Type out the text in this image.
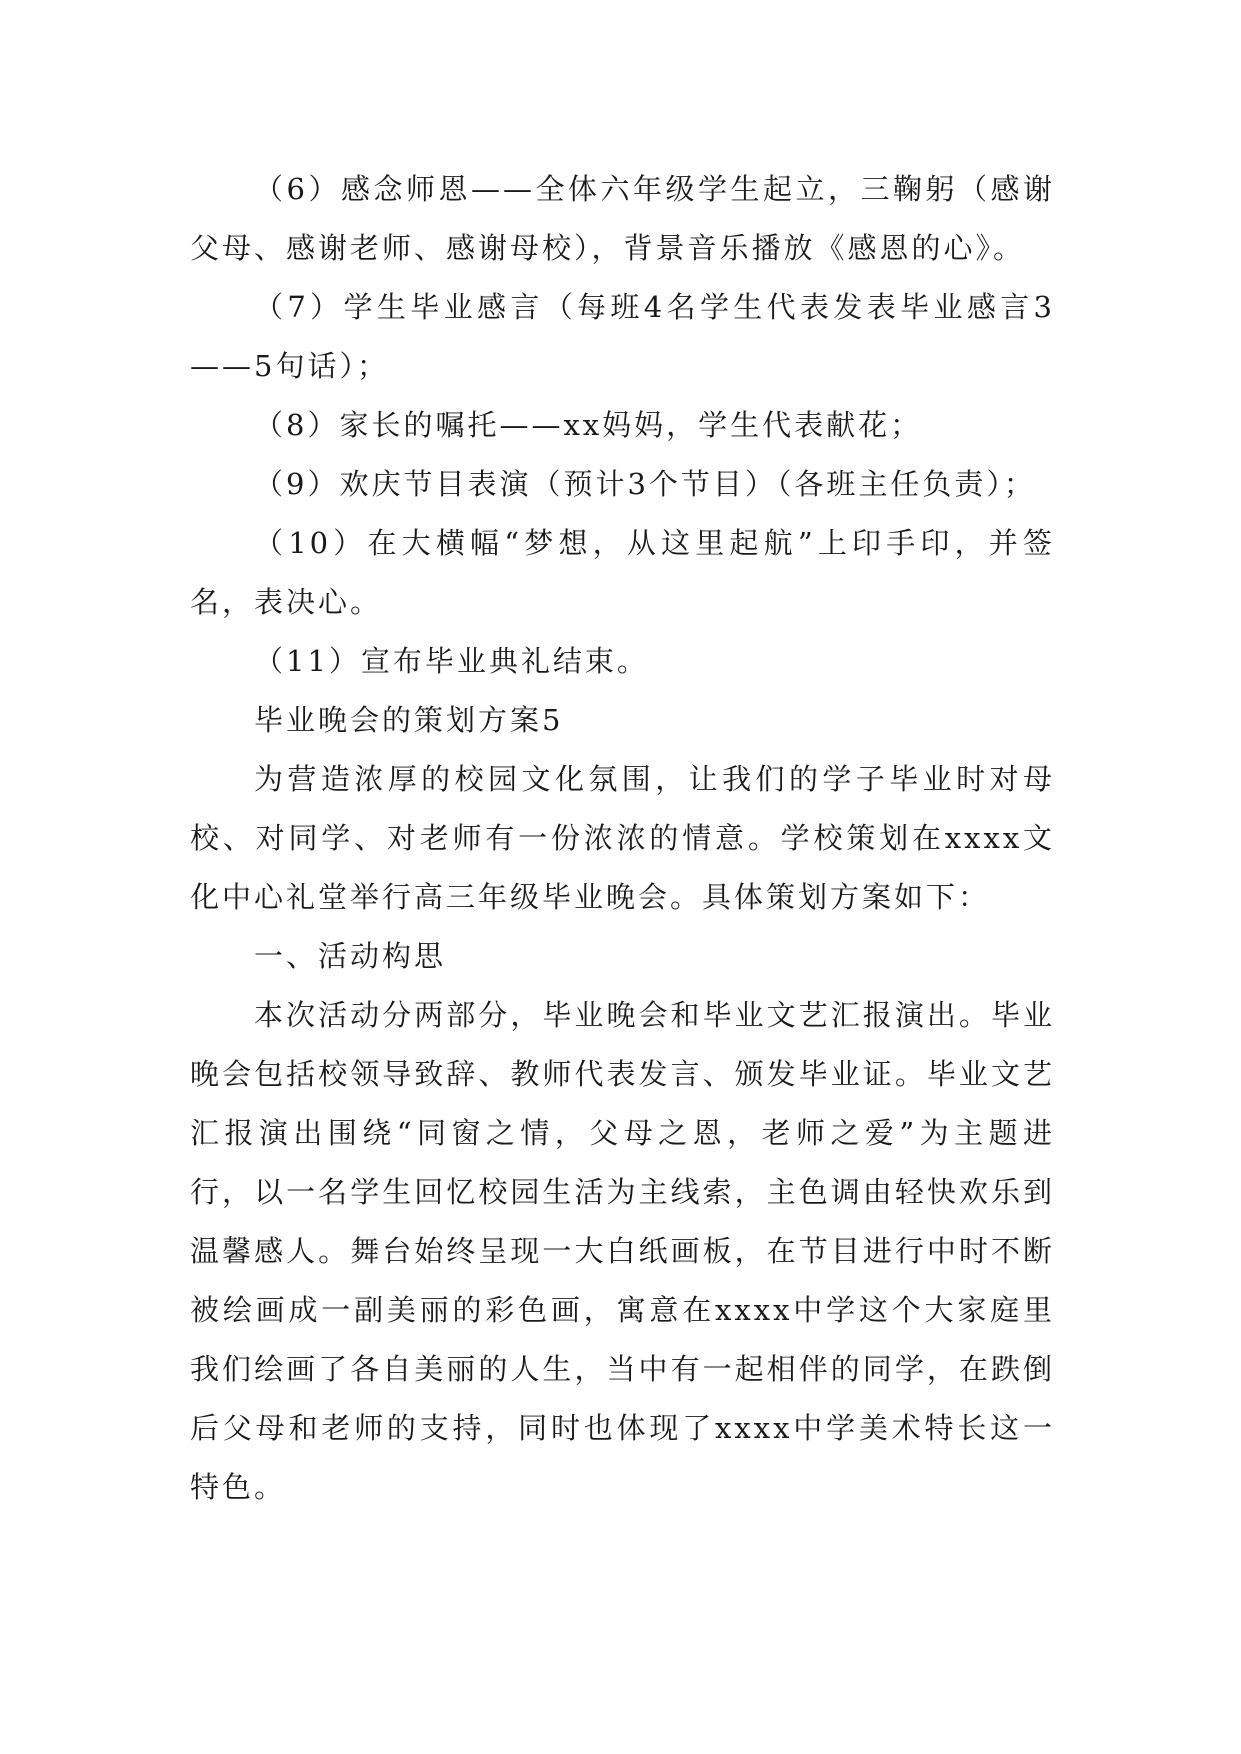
（6）感念师恩——全体六年级学生起立，三鞠躬（感谢父母、感谢老师、感谢母校），背景音乐播放《感恩的心》。

（7）学生毕业感言（每班4名学生代表发表毕业感言3——5句话）；

（8）家长的嘱托——xx妈妈，学生代表献花；

（9）欢庆节目表演（预计3个节目）（各班主任负责）；

（10）在大横幅“梦想，从这里起航”上印手印，并签名，表决心。

（11）宣布毕业典礼结束。

毕业晚会的策划方案5

为营造浓厚的校园文化氛围，让我们的学子毕业时对母校、对同学、对老师有一份浓浓的情意。学校策划在xxxx文化中心礼堂举行高三年级毕业晚会。具体策划方案如下：

一、活动构思

本次活动分两部分，毕业晚会和毕业文艺汇报演出。毕业晚会包括校领导致辞、教师代表发言、颁发毕业证。毕业文艺汇报演出围绕“同窗之情，父母之恩，老师之爱”为主题进行，以一名学生回忆校园生活为主线索，主色调由轻快欢乐到温馨感人。舞台始终呈现一大白纸画板，在节目进行中时不断被绘画成一副美丽的彩色画，寓意在xxxx中学这个大家庭里我们绘画了各自美丽的人生，当中有一起相伴的同学，在跌倒后父母和老师的支持，同时也体现了xxxx中学美术特长这一特色。
